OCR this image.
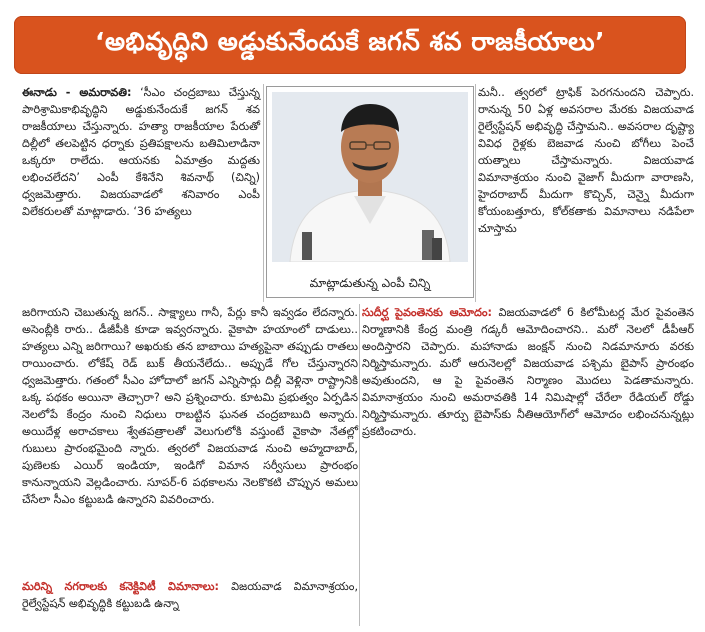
‘అభివృద్ధిని అడ్డుకునేందుకే జగన్ శవ రాజకీయాలు’

ఈనాడు - అమరావతి: ‘సీఎం చంద్రబాబు చేస్తున్న పారిశ్రామికాభివృద్ధిని అడ్డుకునేందుకే జగన్ శవ రాజకీయాలు చేస్తున్నారు. హత్యా రాజకీయాల పేరుతో దిల్లీలో తలపెట్టిన ధర్నాకు ప్రతిపక్షాలను బతిమిలాడినా ఒక్కరూ రాలేదు. ఆయనకు ఏమాత్రం మద్దతు లభించలేదని’ ఎంపీ కేశినేని శివనాథ్ (చిన్ని) ధ్వజమెత్తారు. విజయవాడలో శనివారం ఎంపీ విలేకరులతో మాట్లాడారు. ‘36 హత్యలు

మాట్లాడుతున్న ఎంపీ చిన్ని

మనీ.. త్వరలో ట్రాఫిక్ పెరగనుందని చెప్పారు. రానున్న 50 ఏళ్ల అవసరాల మేరకు విజయవాడ రైల్వేస్టేషన్ అభివృద్ధి చేస్తామని.. అవసరాల దృష్ట్యా వివిధ రైళ్లకు బెజవాడ నుంచి బోగీలు పెంచే యత్నాలు చేస్తామన్నారు. విజయవాడ విమానాశ్రయం నుంచి వైజాగ్ మీదుగా వారాణసి, హైదరాబాద్ మీదుగా కొచ్చిన్, చెన్నై మీదుగా కోయంబత్తూరు, కోల్‌కతాకు విమానాలు నడిపేలా చూస్తామ

జరిగాయని చెబుతున్న జగన్.. సాక్ష్యాలు గానీ, పేర్లు కానీ ఇవ్వడం లేదన్నారు. అసెంబ్లీకి రారు.. డీజీపీకి కూడా ఇవ్వరన్నారు. వైకాపా హయాంలో దాడులు.. హత్యలు ఎన్ని జరిగాయి? అఖరుకు తన బాబాయి హత్యపైనా తప్పుడు రాతలు రాయించారు. లోకేష్ రెడ్ బుక్ తీయనేలేదు.. అప్పుడే గోల చేస్తున్నారని ధ్వజమెత్తారు. గతంలో సీఎం హోదాలో జగన్ ఎన్నిసార్లు దిల్లీ వెళ్లినా రాష్ట్రానికి ఒక్క పథకం అయినా తెచ్చారా? అని ప్రశ్నించారు. కూటమి ప్రభుత్వం ఏర్పడిన నెలలోపే కేంద్రం నుంచి నిధులు రాబట్టిన ఘనత చంద్రబాబుది అన్నారు. అయిదేళ్ల అరాచకాలు శ్వేతపత్రాలతో వెలుగులోకి వస్తుంటే వైకాపా నేతల్లో గుబులు ప్రారంభమైంది న్నారు. త్వరలో విజయవాడ నుంచి అహ్మదాబాద్, పుణెలకు ఎయిర్ ఇండియా, ఇండిగో విమాన సర్వీసులు ప్రారంభం కానున్నాయని వెల్లడించారు. సూపర్-6 పథకాలను నెలకొకటి చొప్పున అమలు చేసేలా సీఎం కట్టుబడి ఉన్నారని వివరించారు.

సుదీర్ఘ పైవంతెనకు ఆమోదం: విజయవాడలో 6 కిలోమీటర్ల మేర పైవంతెన నిర్మాణానికి కేంద్ర మంత్రి గడ్కరీ ఆమోదించారని.. మరో నెలలో డీపీఆర్ అందిస్తారని చెప్పారు. మహానాడు జంక్షన్ నుంచి నిడమానూరు వరకు నిర్మిస్తామన్నారు. మరో ఆరునెలల్లో విజయవాడ పశ్చిమ బైపాస్ ప్రారంభం అవుతుందని, ఆ పై పైవంతెన నిర్మాణం మొదలు పెడతామన్నారు. విమానాశ్రయం నుంచి అమరావతికి 14 నిమిషాల్లో చేరేలా రేడియల్ రోడ్డు నిర్మిస్తామన్నారు. తూర్పు బైపాస్‌కు నీతిఆయోగ్‌లో ఆమోదం లభించనున్నట్లు ప్రకటించారు.

మరిన్ని నగరాలకు కనెక్టివిటీ విమానాలు: విజయవాడ విమానాశ్రయం, రైల్వేస్టేషన్ అభివృద్ధికి కట్టుబడి ఉన్నా
